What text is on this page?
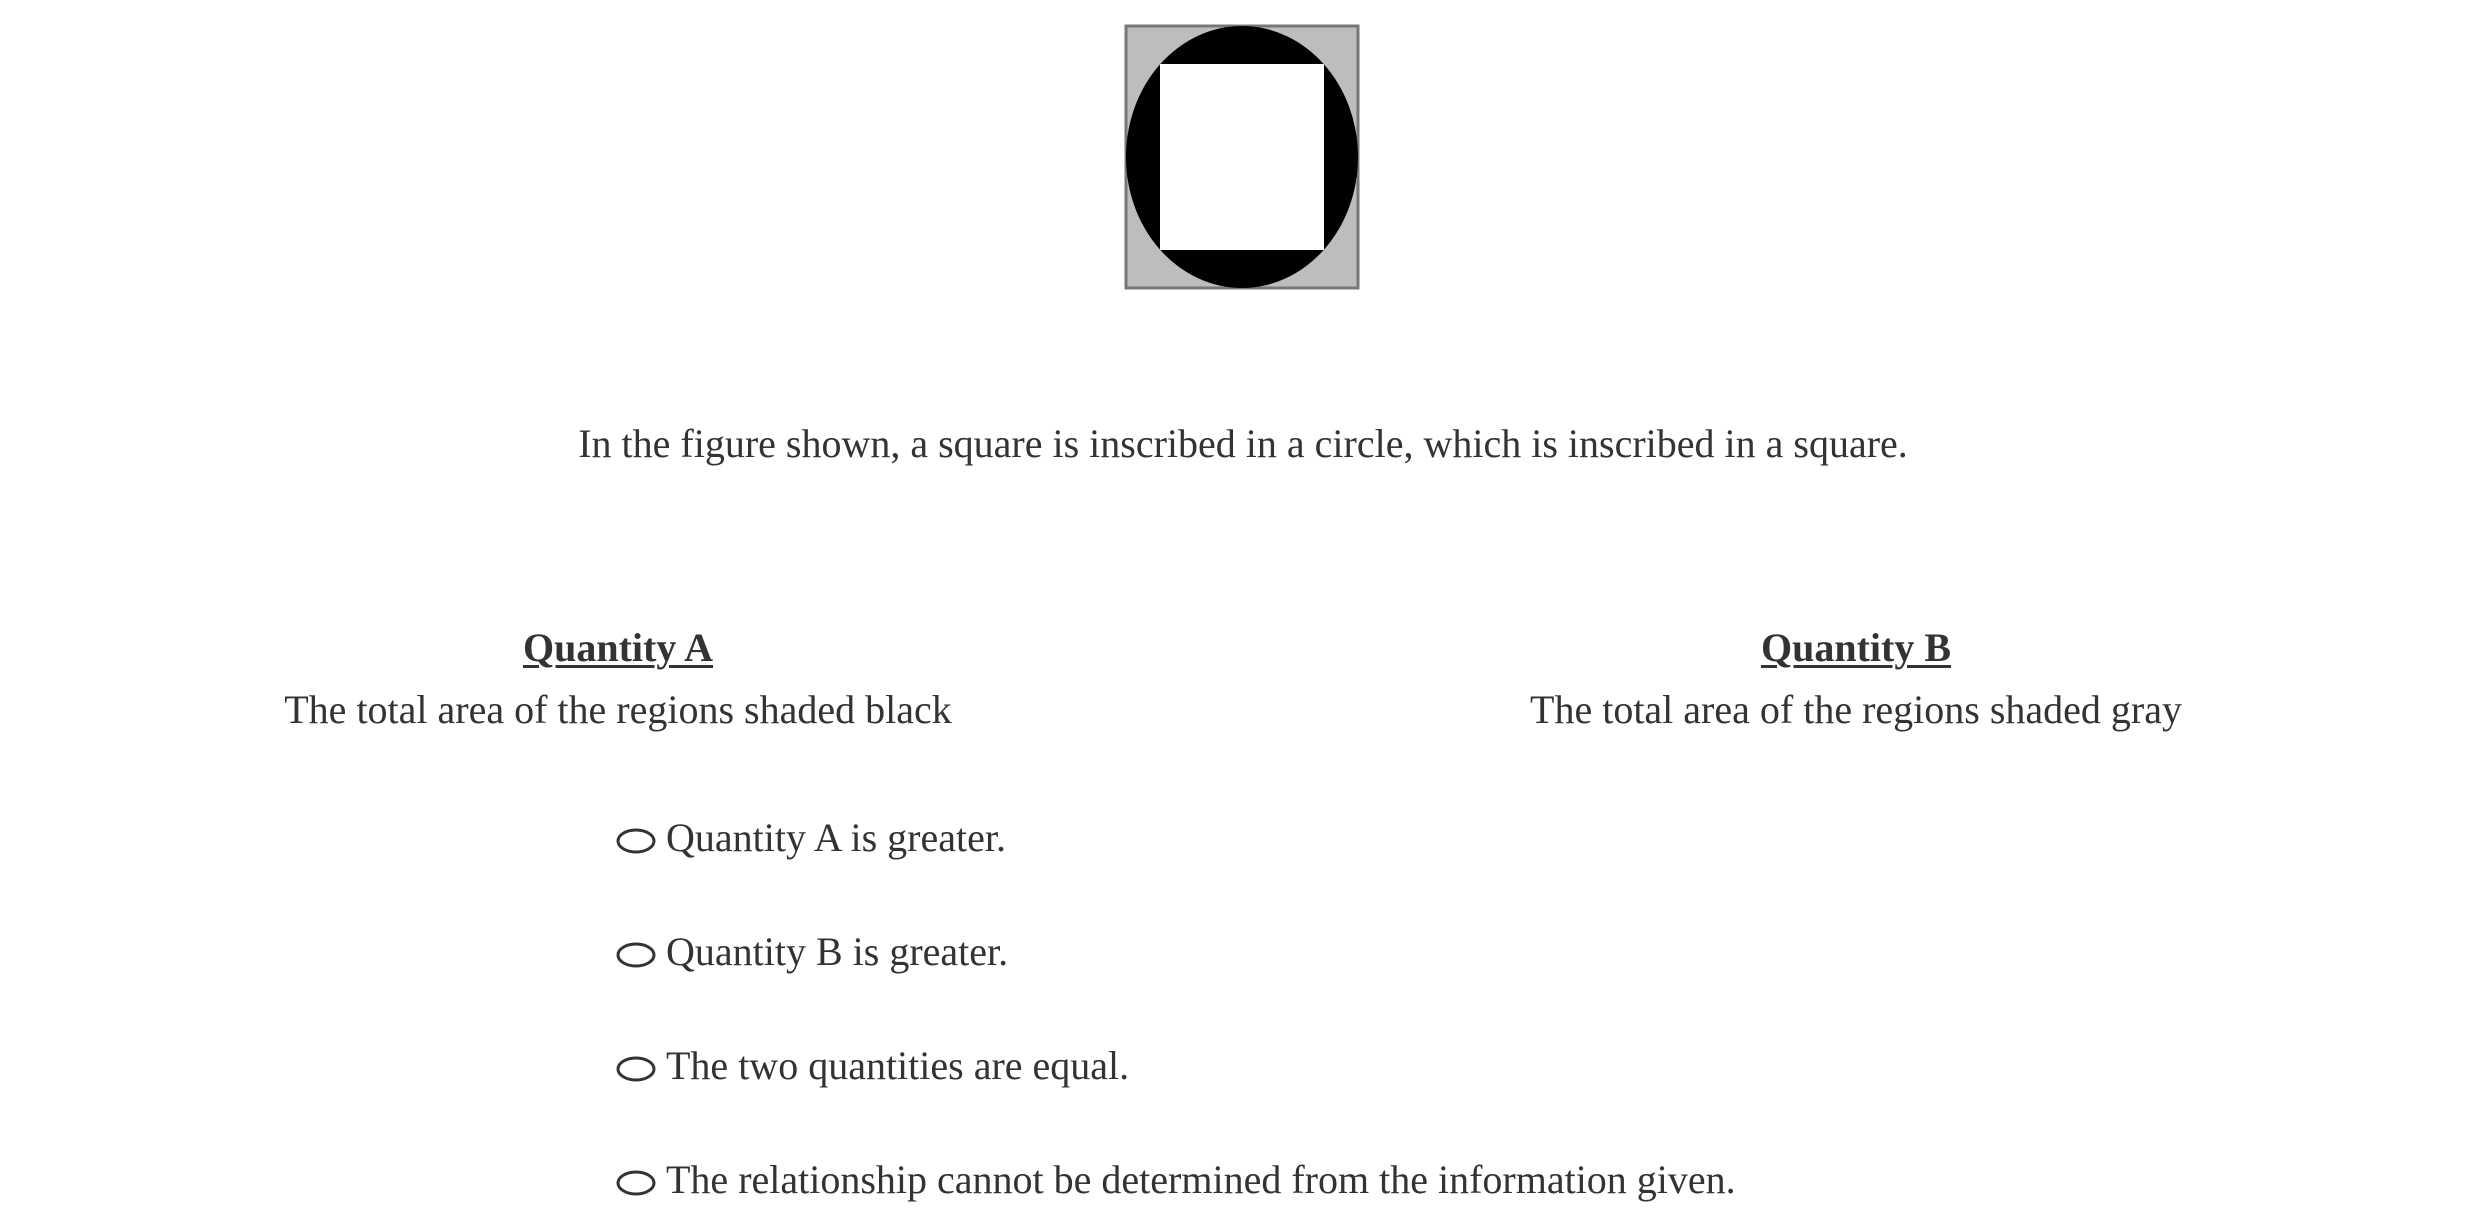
In the figure shown, a square is inscribed in a circle, which is inscribed in a square.
Quantity A
The total area of the regions shaded black
Quantity B
The total area of the regions shaded gray
Quantity A is greater.
Quantity B is greater.
The two quantities are equal.
The relationship cannot be determined from the information given.
